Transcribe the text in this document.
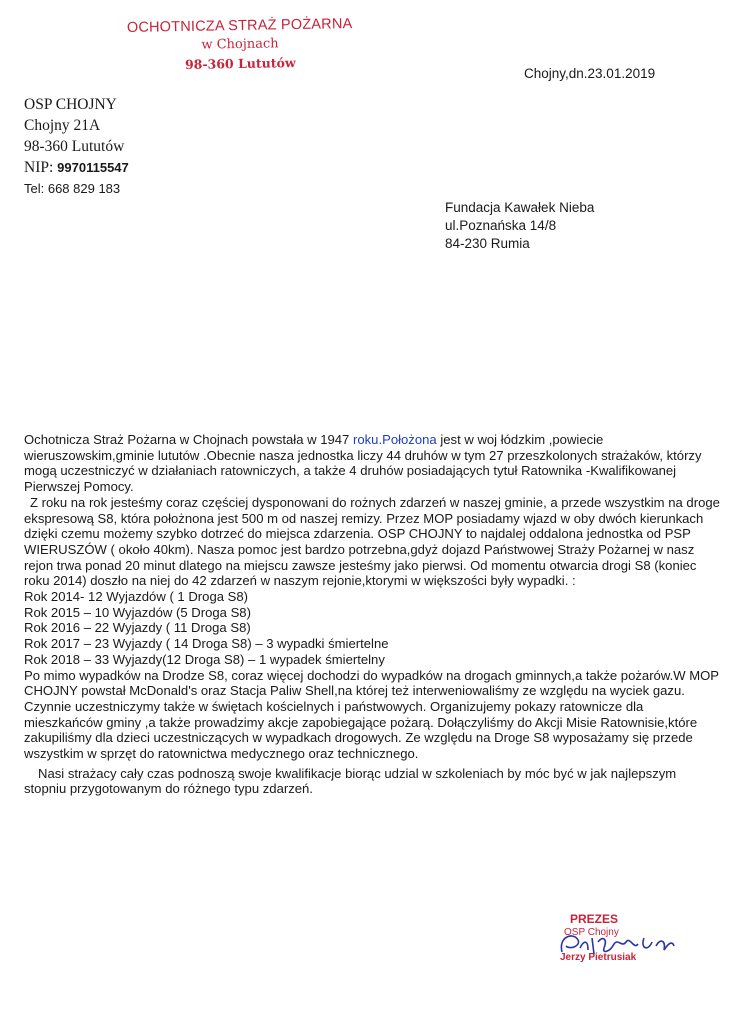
OCHOTNICZA STRAŻ POŻARNA
w Chojnach
98-360 Lututów
Chojny,dn.23.01.2019
OSP CHOJNY
Chojny 21A
98-360 Lututów
NIP: 9970115547
Tel: 668 829 183
Fundacja Kawałek Nieba
ul.Poznańska 14/8
84-230 Rumia

Ochotnicza Straż Pożarna w Chojnach powstała w 1947 roku.Położona jest w woj łódzkim ,powiecie wieruszowskim,gminie lututów .Obecnie nasza jednostka liczy 44 druhów w tym 27 przeszkolonych strażaków, którzy mogą uczestniczyć w działaniach ratowniczych, a także 4 druhów posiadających tytuł Ratownika -Kwalifikowanej Pierwszej Pomocy.

Z roku na rok jesteśmy coraz częściej dysponowani do rożnych zdarzeń w naszej gminie, a przede wszystkim na droge ekspresową S8, która położnona jest 500 m od naszej remizy. Przez MOP posiadamy wjazd w oby dwóch kierunkach dzięki czemu możemy szybko dotrzeć do miejsca zdarzenia. OSP CHOJNY to najdalej oddalona jednostka od PSP WIERUSZÓW ( około 40km). Nasza pomoc jest bardzo potrzebna,gdyż dojazd Państwowej Straży Pożarnej w nasz rejon trwa ponad 20 minut dlatego na miejscu zawsze jesteśmy jako pierwsi. Od momentu otwarcia drogi S8 (koniec roku 2014) doszło na niej do 42 zdarzeń w naszym rejonie,ktorymi w większości były wypadki. :

Rok 2014- 12 Wyjazdów ( 1 Droga S8)
Rok 2015 – 10 Wyjazdów (5 Droga S8)
Rok 2016 – 22 Wyjazdy ( 11 Droga S8)
Rok 2017 – 23 Wyjazdy ( 14 Droga S8) – 3 wypadki śmiertelne
Rok 2018 – 33 Wyjazdy(12 Droga S8) – 1 wypadek śmiertelny

Po mimo wypadków na Drodze S8, coraz więcej dochodzi do wypadków na drogach gminnych,a także pożarów.W MOP CHOJNY powstał McDonald's oraz Stacja Paliw Shell,na której też interweniowaliśmy ze względu na wyciek gazu. Czynnie uczestniczymy także w świętach kościelnych i państwowych. Organizujemy pokazy ratownicze dla mieszkańców gminy ,a także prowadzimy akcje zapobiegające pożarą. Dołączyliśmy do Akcji Misie Ratownisie,które zakupiliśmy dla dzieci uczestniczących w wypadkach drogowych. Ze względu na Droge S8 wyposażamy się przede wszystkim w sprzęt do ratownictwa medycznego oraz technicznego.

Nasi strażacy cały czas podnoszą swoje kwalifikacje biorąc udzial w szkoleniach by móc być w jak najlepszym stopniu przygotowanym do różnego typu zdarzeń.

PREZES
OSP Chojny
Jerzy Pietrusiak
